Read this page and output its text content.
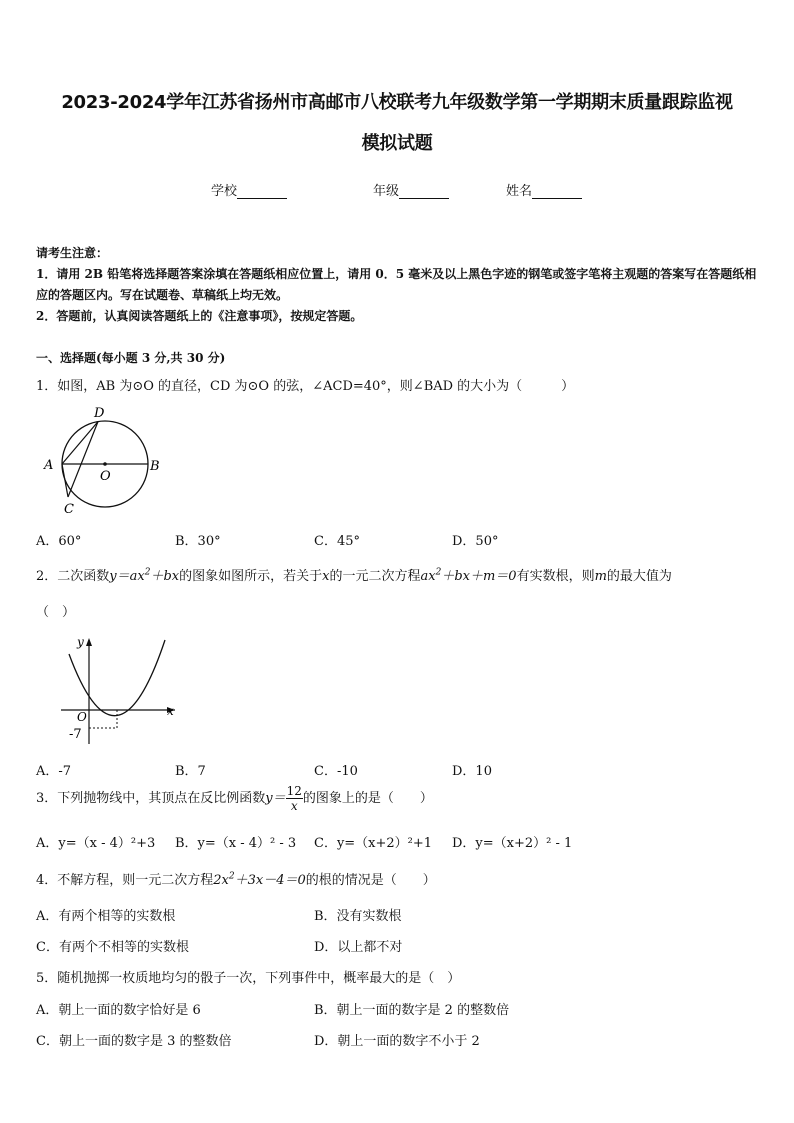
2023-2024学年江苏省扬州市高邮市八校联考九年级数学第一学期期末质量跟踪监视
模拟试题
学校	年级	姓名
请考生注意：
1．请用 2B 铅笔将选择题答案涂填在答题纸相应位置上，请用 0．5 毫米及以上黑色字迹的钢笔或签字笔将主观题的答案写在答题纸相应的答题区内。写在试题卷、草稿纸上均无效。
2．答题前，认真阅读答题纸上的《注意事项》，按规定答题。
一、选择题(每小题 3 分,共 30 分)
1．如图，AB 为⊙O 的直径，CD 为⊙O 的弦，∠ACD=40°，则∠BAD 的大小为（　　　）
D
A	B
O
C
A．60°	B．30°	C．45°	D．50°
2．二次函数$y=ax^2+bx$的图象如图所示，若关于x的一元二次方程$ax^2+bx+m=0$有实数根，则m的最大值为
（　）
y
x
O
-7
A．-7	B．7	C．-10	D．10
3．下列抛物线中，其顶点在反比例函数$y= \frac{12}{x}$ 的图象上的是（　　）
A．y=（x - 4）²+3 B．y=（x - 4）² - 3 C．y=（x+2）²+1 D．y=（x+2）² - 1
4．不解方程，则一元二次方程$2x^2+3x-4=0$的根的情况是（　　）
A．有两个相等的实数根	B．没有实数根
C．有两个不相等的实数根	D．以上都不对
5．随机抛掷一枚质地均匀的骰子一次，下列事件中，概率最大的是（　）
A．朝上一面的数字恰好是 6	B．朝上一面的数字是 2 的整数倍
C．朝上一面的数字是 3 的整数倍	D．朝上一面的数字不小于 2
